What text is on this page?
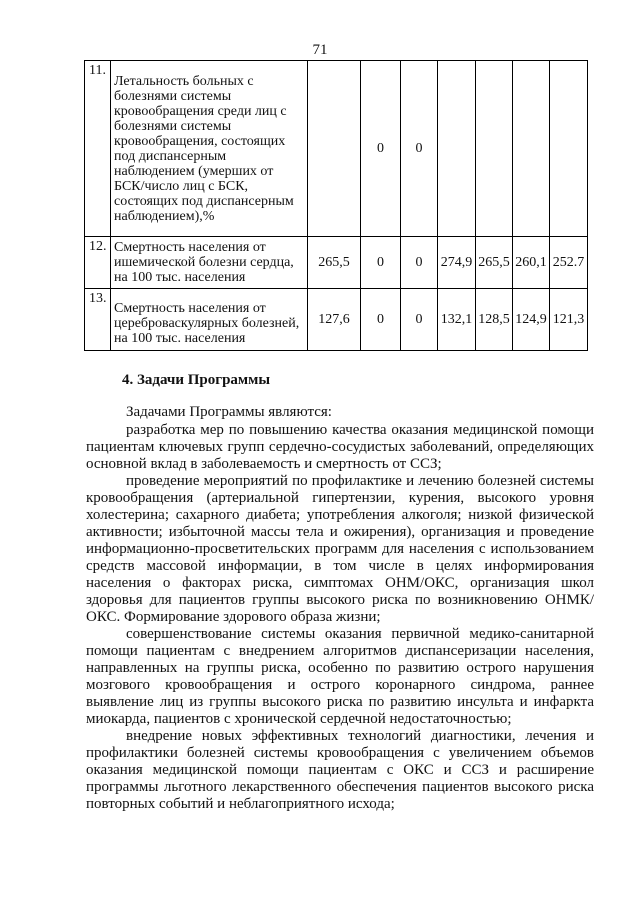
71
11.	Летальность больных с болезнями системы кровообращения среди лиц с болезнями системы кровообращения, состоящих под диспансерным наблюдением (умерших от БСК/число лиц с БСК, состоящих под диспансерным наблюдением),%		0	0				
12.	Смертность населения от ишемической болезни сердца, на 100 тыс. населения	265,5	0	0	274,9	265,5	260,1	252.7
13.	Смертность населения от цереброваскулярных болезней, на 100 тыс. населения	127,6	0	0	132,1	128,5	124,9	121,3
4. Задачи Программы

Задачами Программы являются:

разработка мер по повышению качества оказания медицинской помощи пациентам ключевых групп сердечно-сосудистых заболеваний, определяющих основной вклад в заболеваемость и смертность от ССЗ;

проведение мероприятий по профилактике и лечению болезней системы кровообращения (артериальной гипертензии, курения, высокого уровня холестерина; сахарного диабета; употребления алкоголя; низкой физической активности; избыточной массы тела и ожирения), организация и проведение информационно-просветительских программ для населения с использованием средств массовой информации, в том числе в целях информирования населения о факторах риска, симптомах ОНМ/ОКС, организация школ здоровья для пациентов группы высокого риска по возникновению ОНМК/ОКС. Формирование здорового образа жизни;

совершенствование системы оказания первичной медико-санитарной помощи пациентам с внедрением алгоритмов диспансеризации населения, направленных на группы риска, особенно по развитию острого нарушения мозгового кровообращения и острого коронарного синдрома, раннее выявление лиц из группы высокого риска по развитию инсульта и инфаркта миокарда, пациентов с хронической сердечной недостаточностью;

внедрение новых эффективных технологий диагностики, лечения и профилактики болезней системы кровообращения с увеличением объемов оказания медицинской помощи пациентам с ОКС и ССЗ и расширение программы льготного лекарственного обеспечения пациентов высокого риска повторных событий и неблагоприятного исхода;
